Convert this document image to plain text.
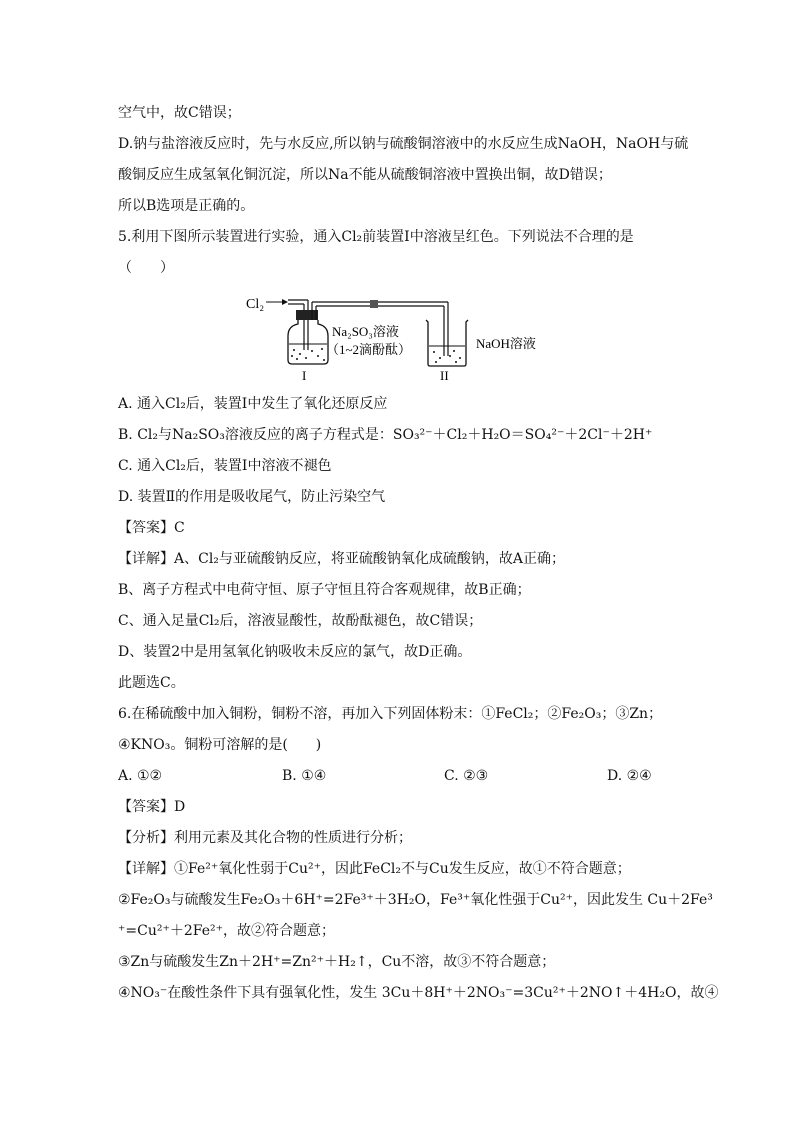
空气中，故C错误；
D.钠与盐溶液反应时，先与水反应,所以钠与硫酸铜溶液中的水反应生成NaOH，NaOH与硫
酸铜反应生成氢氧化铜沉淀，所以Na不能从硫酸铜溶液中置换出铜，故D错误；
所以B选项是正确的。
5.利用下图所示装置进行实验，通入Cl₂前装置Ⅰ中溶液呈红色。下列说法不合理的是
（　　）
Cl₂
Na₂SO₃溶液
（1~2滴酚酞）	NaOH溶液
I	II
A. 通入Cl₂后，装置Ⅰ中发生了氧化还原反应
B. Cl₂与Na₂SO₃溶液反应的离子方程式是：SO₃²⁻＋Cl₂＋H₂O＝SO₄²⁻＋2Cl⁻＋2H⁺
C. 通入Cl₂后，装置Ⅰ中溶液不褪色
D. 装置Ⅱ的作用是吸收尾气，防止污染空气
【答案】C
【详解】A、Cl₂与亚硫酸钠反应，将亚硫酸钠氧化成硫酸钠，故A正确；
B、离子方程式中电荷守恒、原子守恒且符合客观规律，故B正确；
C、通入足量Cl₂后，溶液显酸性，故酚酞褪色，故C错误；
D、装置2中是用氢氧化钠吸收未反应的氯气，故D正确。
此题选C。
6.在稀硫酸中加入铜粉，铜粉不溶，再加入下列固体粉末：①FeCl₂；②Fe₂O₃；③Zn；
④KNO₃。铜粉可溶解的是(　　)
A. ①②	B. ①④	C. ②③	D. ②④
【答案】D
【分析】利用元素及其化合物的性质进行分析；
【详解】①Fe²⁺氧化性弱于Cu²⁺，因此FeCl₂不与Cu发生反应，故①不符合题意；
②Fe₂O₃与硫酸发生Fe₂O₃＋6H⁺=2Fe³⁺＋3H₂O，Fe³⁺氧化性强于Cu²⁺，因此发生 Cu＋2Fe³
⁺=Cu²⁺＋2Fe²⁺，故②符合题意；
③Zn与硫酸发生Zn＋2H⁺=Zn²⁺＋H₂↑，Cu不溶，故③不符合题意；
④NO₃⁻在酸性条件下具有强氧化性，发生 3Cu＋8H⁺＋2NO₃⁻=3Cu²⁺＋2NO↑＋4H₂O，故④
